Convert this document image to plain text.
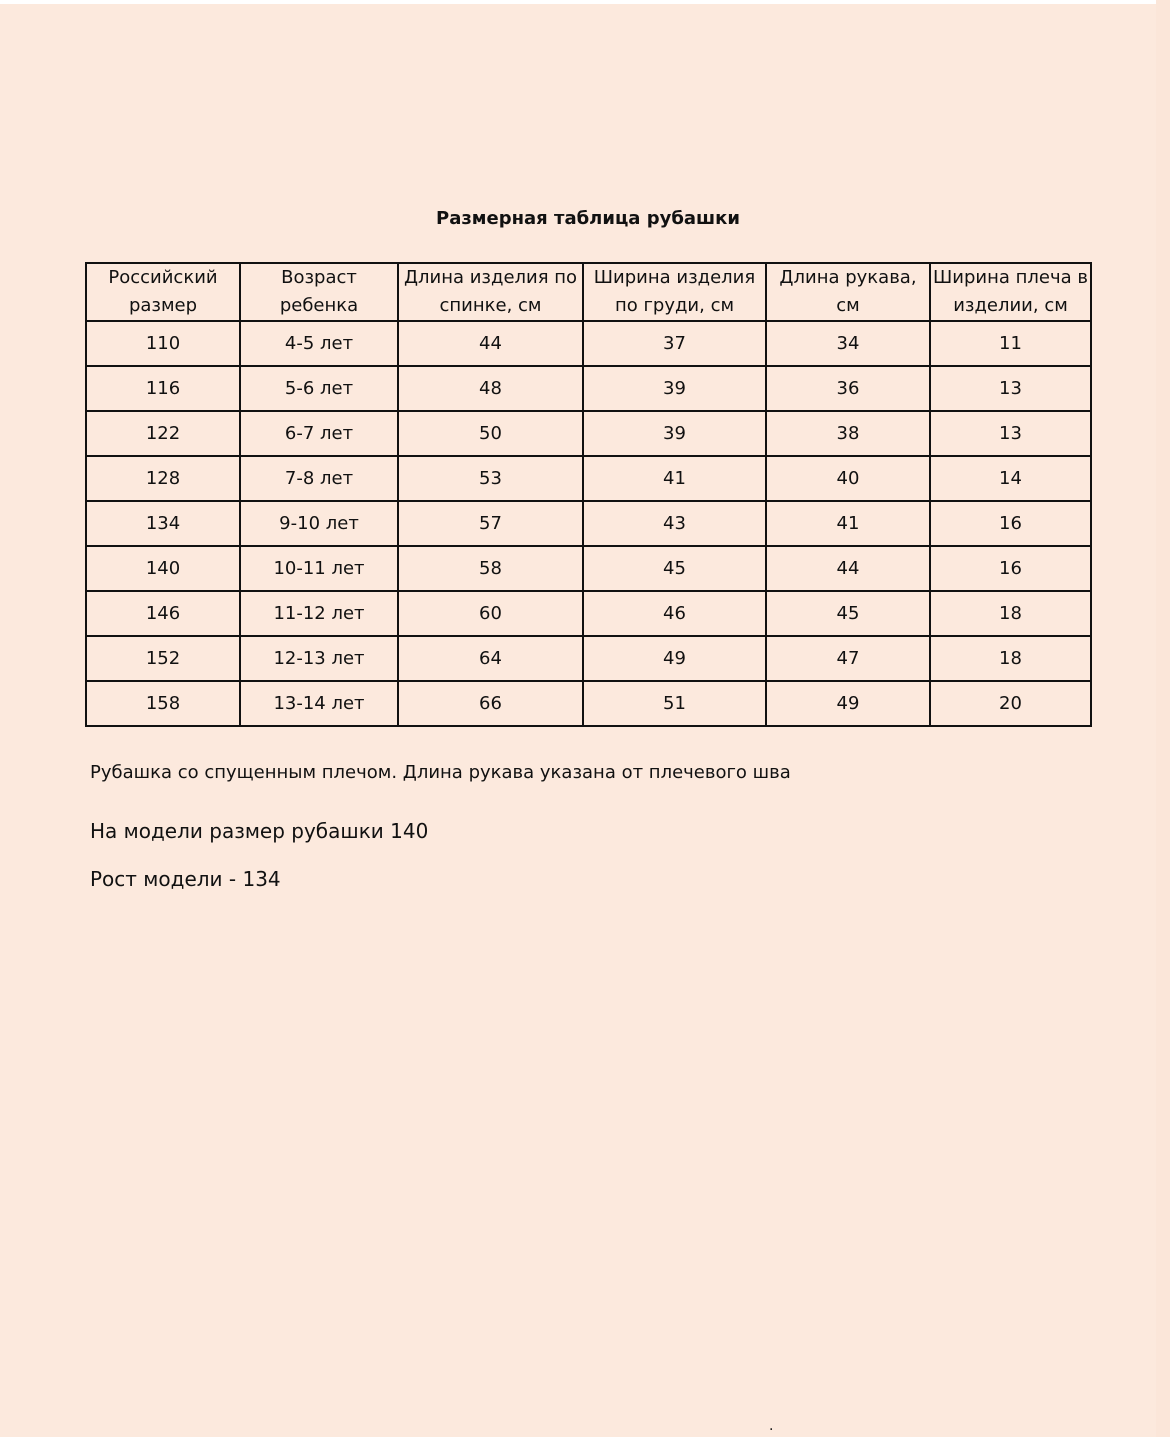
Размерная таблица рубашки
Российский размер	Возраст ребенка	Длина изделия по спинке, см	Ширина изделия по груди, см	Длина рукава, см	Ширина плеча в изделии, см
110	4-5 лет	44	37	34	11
116	5-6 лет	48	39	36	13
122	6-7 лет	50	39	38	13
128	7-8 лет	53	41	40	14
134	9-10 лет	57	43	41	16
140	10-11 лет	58	45	44	16
146	11-12 лет	60	46	45	18
152	12-13 лет	64	49	47	18
158	13-14 лет	66	51	49	20
Рубашка со спущенным плечом. Длина рукава указана от плечевого шва
На модели размер рубашки 140
Рост модели - 134
.
